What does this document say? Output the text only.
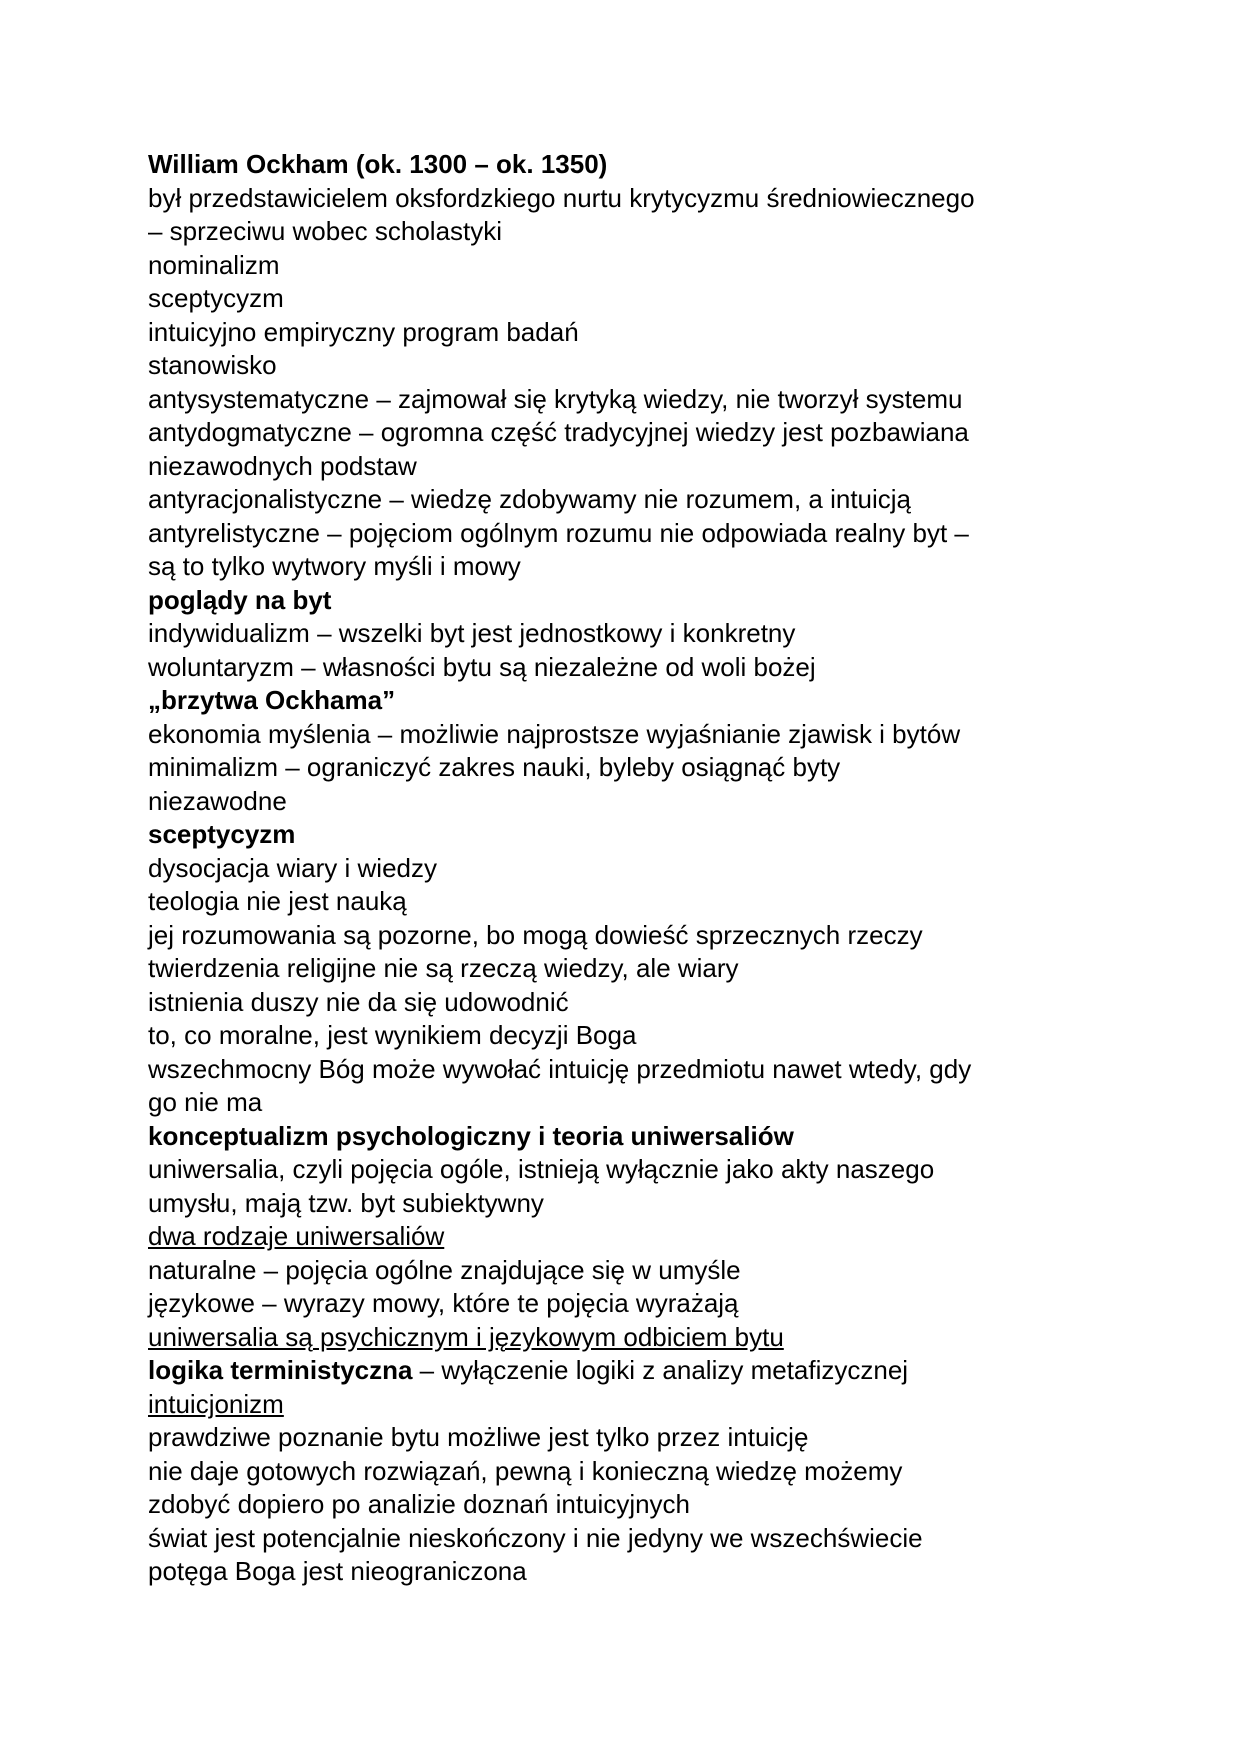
William Ockham (ok. 1300 – ok. 1350)
był przedstawicielem oksfordzkiego nurtu krytycyzmu średniowiecznego
– sprzeciwu wobec scholastyki
nominalizm
sceptycyzm
intuicyjno empiryczny program badań
stanowisko
antysystematyczne – zajmował się krytyką wiedzy, nie tworzył systemu
antydogmatyczne – ogromna część tradycyjnej wiedzy jest pozbawiana
niezawodnych podstaw
antyracjonalistyczne – wiedzę zdobywamy nie rozumem, a intuicją
antyrelistyczne – pojęciom ogólnym rozumu nie odpowiada realny byt –
są to tylko wytwory myśli i mowy
poglądy na byt
indywidualizm – wszelki byt jest jednostkowy i konkretny
woluntaryzm – własności bytu są niezależne od woli bożej
„brzytwa Ockhama”
ekonomia myślenia – możliwie najprostsze wyjaśnianie zjawisk i bytów
minimalizm – ograniczyć zakres nauki, byleby osiągnąć byty
niezawodne
sceptycyzm
dysocjacja wiary i wiedzy
teologia nie jest nauką
jej rozumowania są pozorne, bo mogą dowieść sprzecznych rzeczy
twierdzenia religijne nie są rzeczą wiedzy, ale wiary
istnienia duszy nie da się udowodnić
to, co moralne, jest wynikiem decyzji Boga
wszechmocny Bóg może wywołać intuicję przedmiotu nawet wtedy, gdy
go nie ma
konceptualizm psychologiczny i teoria uniwersaliów
uniwersalia, czyli pojęcia ogóle, istnieją wyłącznie jako akty naszego
umysłu, mają tzw. byt subiektywny
dwa rodzaje uniwersaliów
naturalne – pojęcia ogólne znajdujące się w umyśle
językowe – wyrazy mowy, które te pojęcia wyrażają
uniwersalia są psychicznym i językowym odbiciem bytu
logika terministyczna – wyłączenie logiki z analizy metafizycznej
intuicjonizm
prawdziwe poznanie bytu możliwe jest tylko przez intuicję
nie daje gotowych rozwiązań, pewną i konieczną wiedzę możemy
zdobyć dopiero po analizie doznań intuicyjnych
świat jest potencjalnie nieskończony i nie jedyny we wszechświecie
potęga Boga jest nieograniczona
